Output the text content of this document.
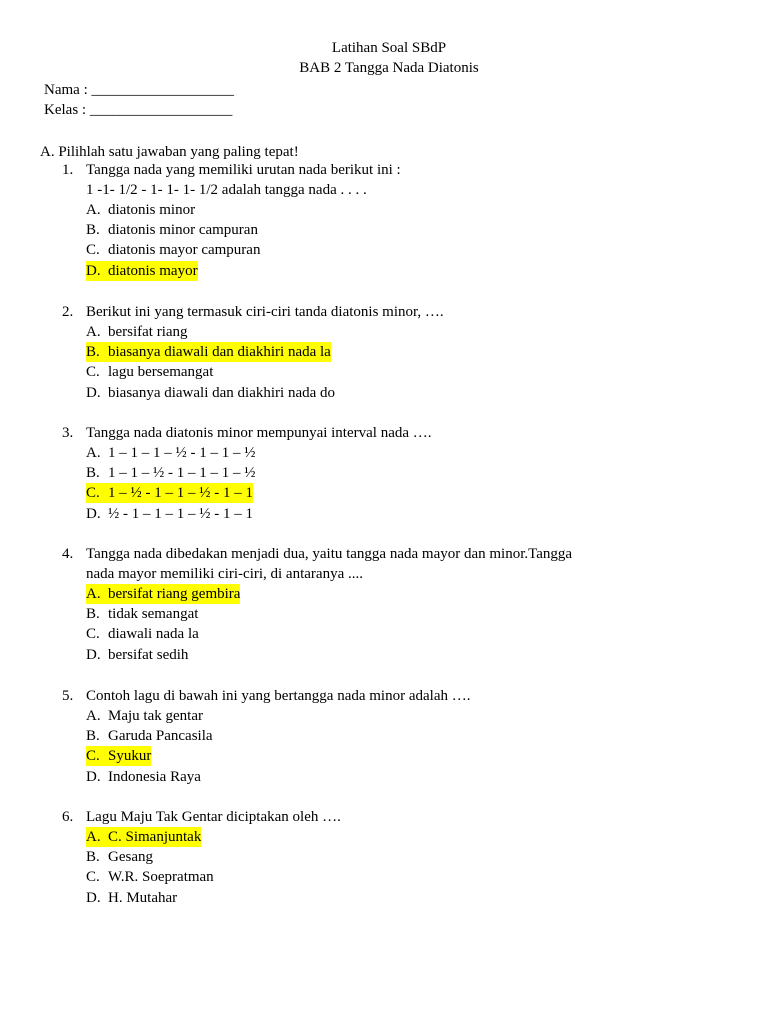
Latihan Soal SBdP
BAB 2 Tangga Nada Diatonis
Nama : ___________________
Kelas : ___________________
A. Pilihlah satu jawaban yang paling tepat!
1. Tangga nada yang memiliki urutan nada berikut ini :
1 -1- 1/2 - 1- 1- 1- 1/2 adalah tangga nada . . . .
A. diatonis minor
B. diatonis minor campuran
C. diatonis mayor campuran
D. diatonis mayor
2. Berikut ini yang termasuk ciri-ciri tanda diatonis minor, ….
A. bersifat riang
B. biasanya diawali dan diakhiri nada la
C. lagu bersemangat
D. biasanya diawali dan diakhiri nada do
3. Tangga nada diatonis minor mempunyai interval nada ….
A. 1 – 1 – 1 – ½ - 1 – 1 – ½
B. 1 – 1 – ½ - 1 – 1 – 1 – ½
C. 1 – ½ - 1 – 1 – ½ - 1 – 1
D. ½ - 1 – 1 – 1 – ½ - 1 – 1
4. Tangga nada dibedakan menjadi dua, yaitu tangga nada mayor dan minor.Tangga
nada mayor memiliki ciri-ciri, di antaranya ....
A. bersifat riang gembira
B. tidak semangat
C. diawali nada la
D. bersifat sedih
5. Contoh lagu di bawah ini yang bertangga nada minor adalah ….
A. Maju tak gentar
B. Garuda Pancasila
C. Syukur
D. Indonesia Raya
6. Lagu Maju Tak Gentar diciptakan oleh ….
A. C. Simanjuntak
B. Gesang
C. W.R. Soepratman
D. H. Mutahar
